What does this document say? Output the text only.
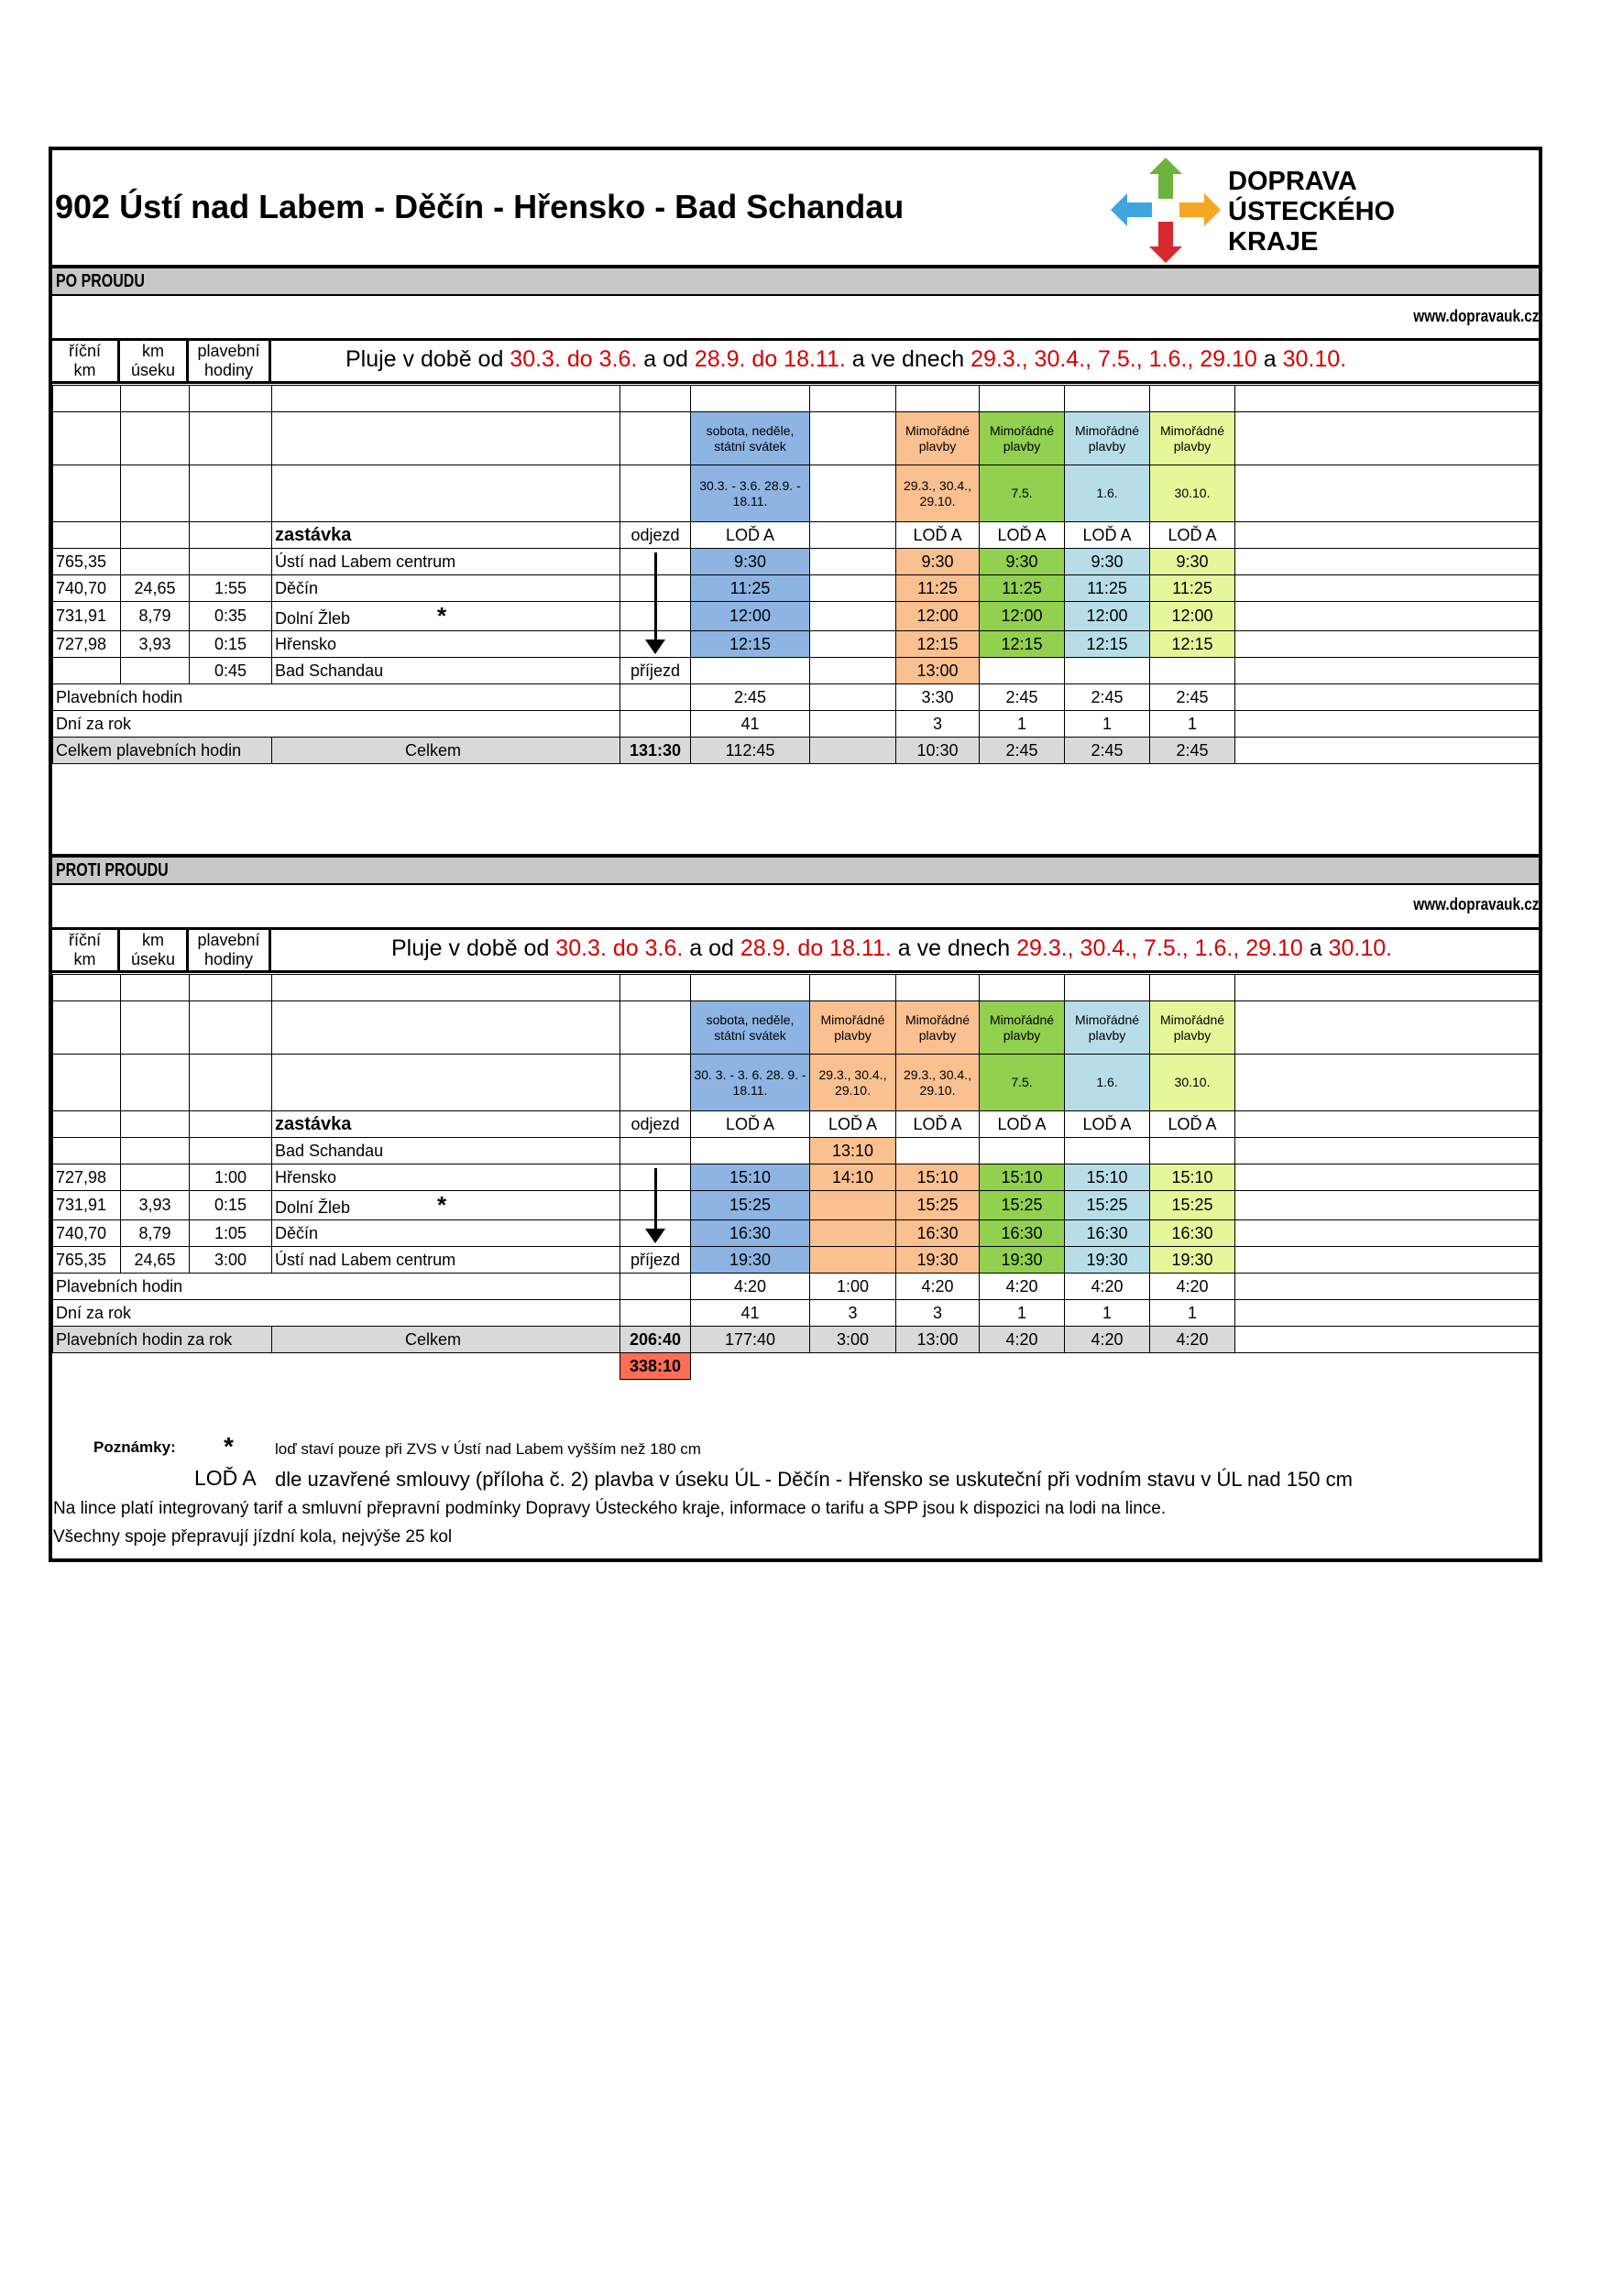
902 Ústí nad Labem - Děčín - Hřensko - Bad Schandau
DOPRAVA
ÚSTECKÉHO
KRAJE
PO PROUDU
www.dopravauk.cz
říční
km
km
úseku
plavební
hodiny	Pluje v době od 30.3. do 3.6. a od 28.9. do 18.11. a ve dnech 29.3., 30.4., 7.5., 1.6., 29.10 a 30.10.

					sobota, neděle, státní svátek		Mimořádné plavby	Mimořádné plavby	Mimořádné plavby	Mimořádné plavby	
					30.3. - 3.6. 28.9. - 18.11.		29.3., 30.4., 29.10.	7.5.	1.6.	30.10.	
			zastávka	odjezd	LOĎ A		LOĎ A	LOĎ A	LOĎ A	LOĎ A	
765,35			Ústí nad Labem centrum		9:30		9:30	9:30	9:30	9:30	
740,70	24,65	1:55	Děčín		11:25		11:25	11:25	11:25	11:25	
731,91	8,79	0:35	Dolní Žleb *		12:00		12:00	12:00	12:00	12:00	
727,98	3,93	0:15	Hřensko		12:15		12:15	12:15	12:15	12:15	
		0:45	Bad Schandau	příjezd			13:00				
Plavebních hodin					2:45		3:30	2:45	2:45	2:45	
Dní za rok					41		3	1	1	1	
Celkem plavebních hodin			Celkem	131:30	112:45		10:30	2:45	2:45	2:45	
PROTI PROUDU
www.dopravauk.cz
říční
km
km
úseku
plavební
hodiny	Pluje v době od 30.3. do 3.6. a od 28.9. do 18.11. a ve dnech 29.3., 30.4., 7.5., 1.6., 29.10 a 30.10.

					sobota, neděle, státní svátek	Mimořádné plavby	Mimořádné plavby	Mimořádné plavby	Mimořádné plavby	Mimořádné plavby	
					30. 3. - 3. 6. 28. 9. - 18.11.	29.3., 30.4., 29.10.	29.3., 30.4., 29.10.	7.5.	1.6.	30.10.	
			zastávka	odjezd	LOĎ A	LOĎ A	LOĎ A	LOĎ A	LOĎ A	LOĎ A	
			Bad Schandau			13:10					
727,98		1:00	Hřensko		15:10	14:10	15:10	15:10	15:10	15:10	
731,91	3,93	0:15	Dolní Žleb *		15:25		15:25	15:25	15:25	15:25	
740,70	8,79	1:05	Děčín		16:30		16:30	16:30	16:30	16:30	
765,35	24,65	3:00	Ústí nad Labem centrum	příjezd	19:30		19:30	19:30	19:30	19:30	
Plavebních hodin					4:20	1:00	4:20	4:20	4:20	4:20	
Dní za rok					41	3	3	1	1	1	
Plavebních hodin za rok			Celkem	206:40	177:40	3:00	13:00	4:20	4:20	4:20	
				338:10							
Poznámky: *	loď staví pouze při ZVS v Ústí nad Labem vyšším než 180 cm
LOĎ A dle uzavřené smlouvy (příloha č. 2) plavba v úseku ÚL - Děčín - Hřensko se uskuteční při vodním stavu v ÚL nad 150 cm
Na lince platí integrovaný tarif a smluvní přepravní podmínky Dopravy Ústeckého kraje, informace o tarifu a SPP jsou k dispozici na lodi na lince.
Všechny spoje přepravují jízdní kola, nejvýše 25 kol
